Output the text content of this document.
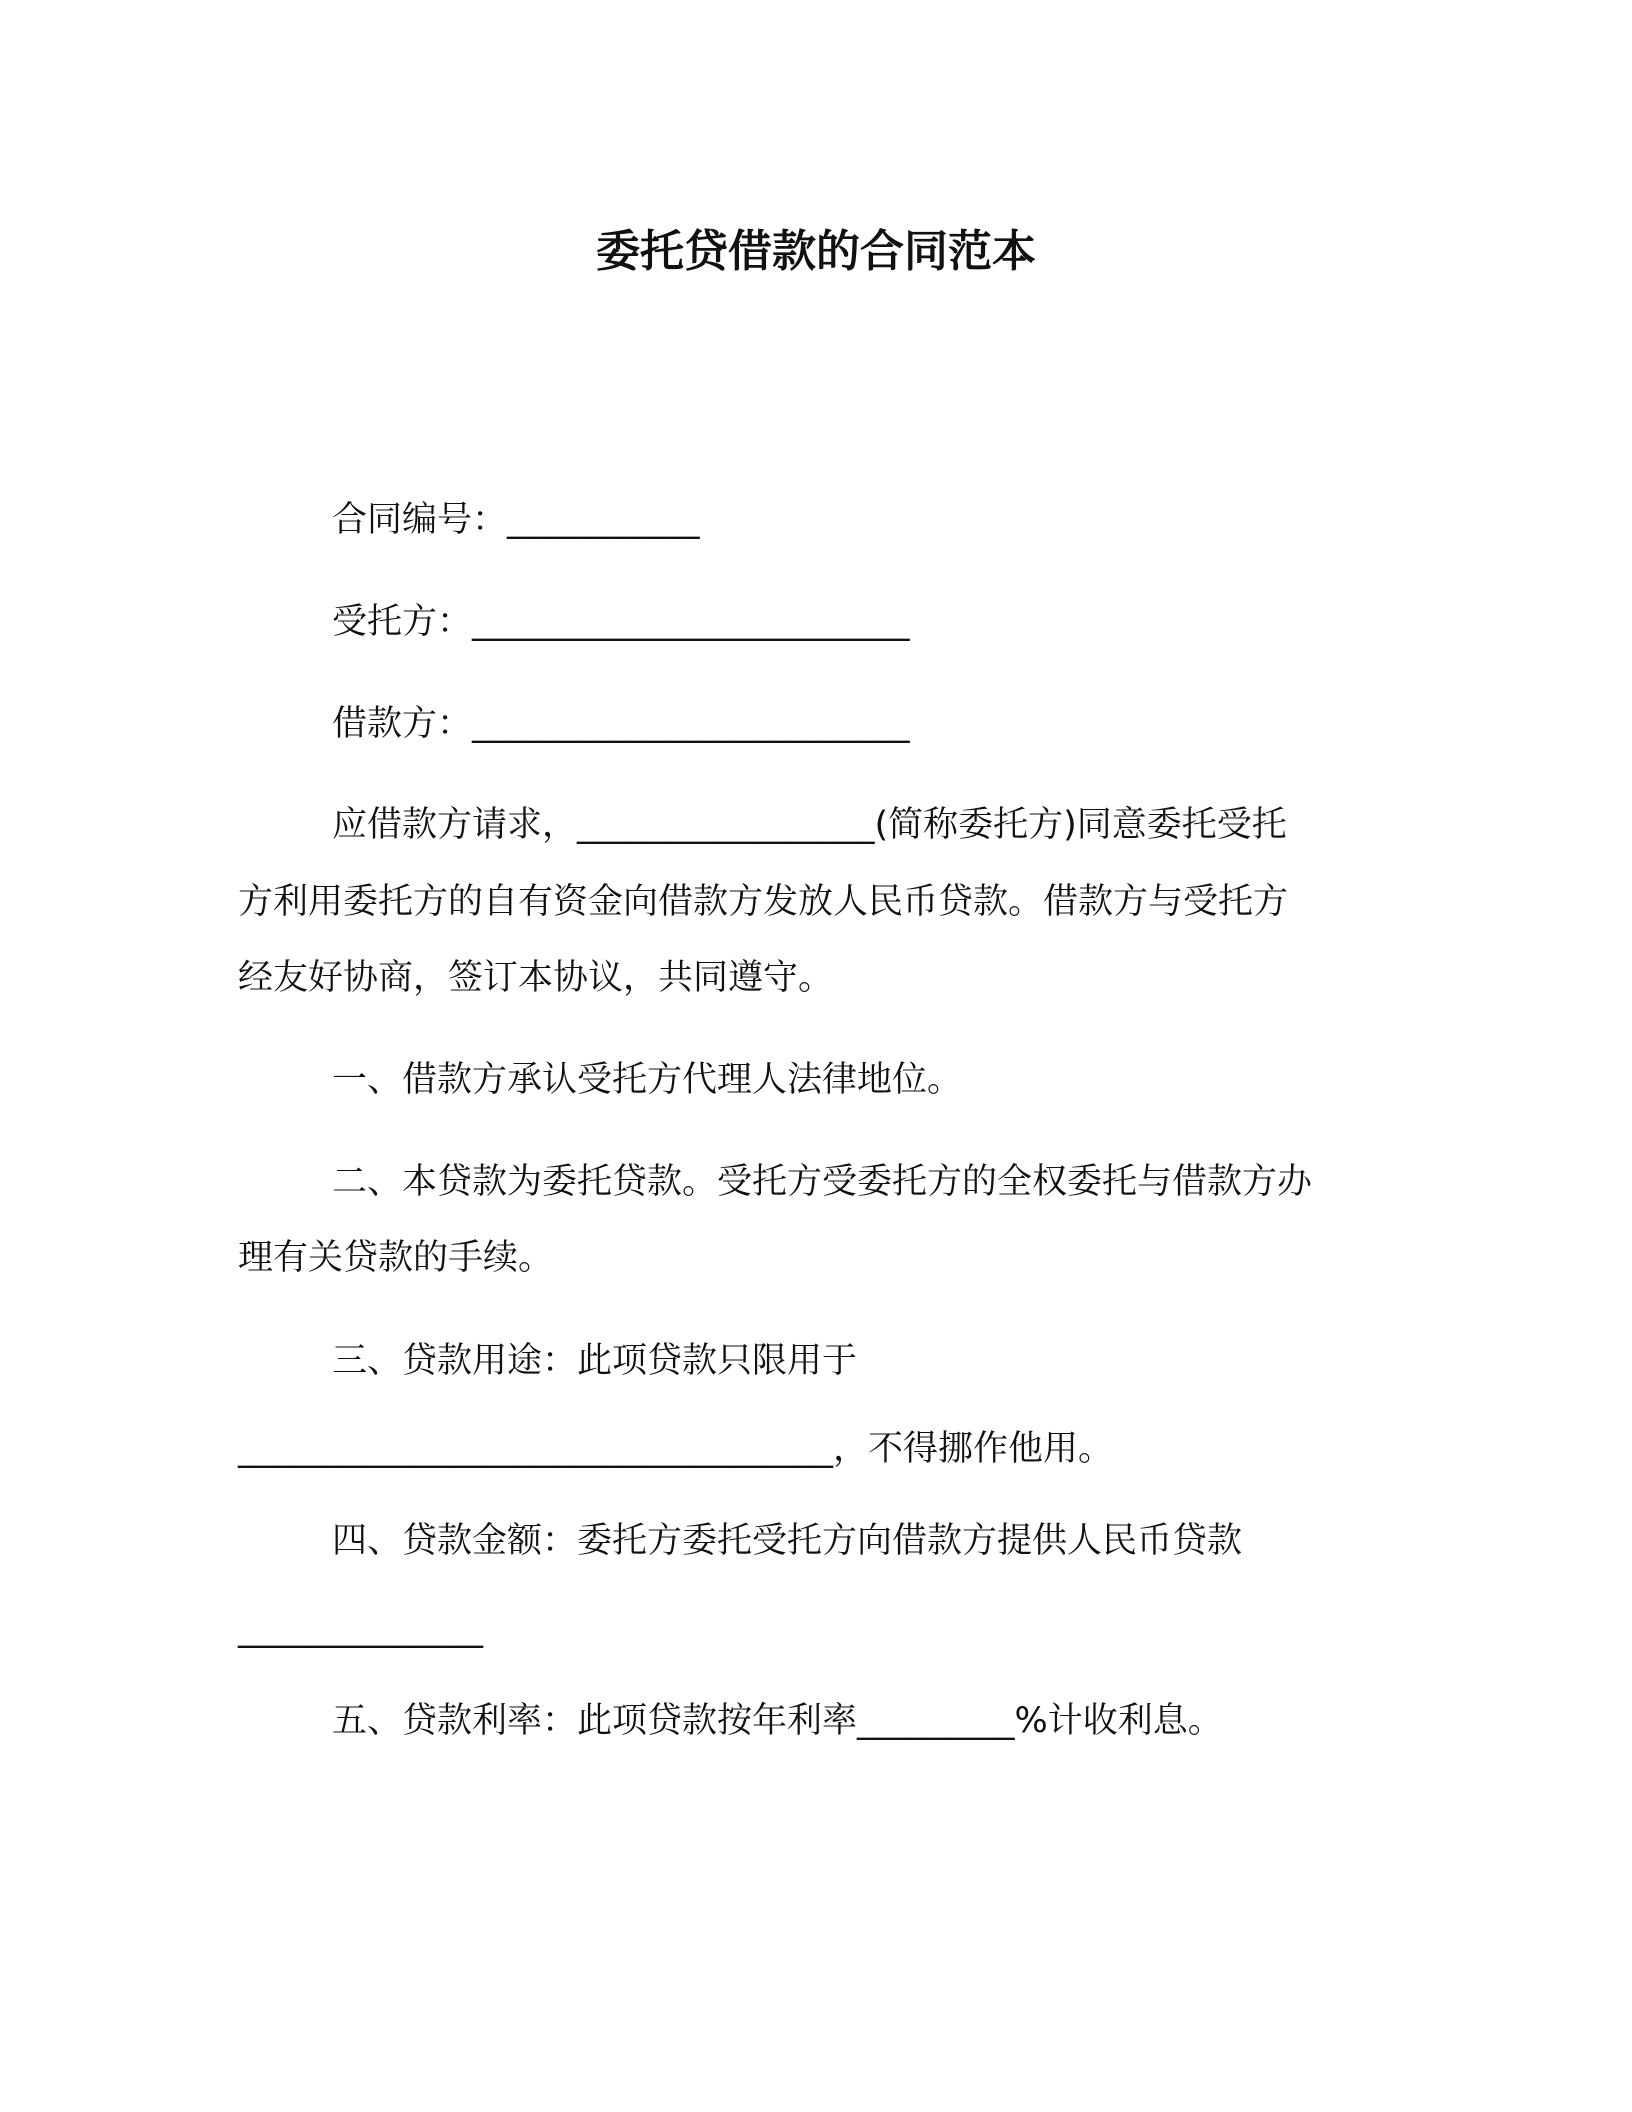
委托贷借款的合同范本
合同编号：___________
受托方：_________________________
借款方：_________________________
应借款方请求，_________________(简称委托方)同意委托受托
方利用委托方的自有资金向借款方发放人民币贷款。借款方与受托方
经友好协商，签订本协议，共同遵守。
一、借款方承认受托方代理人法律地位。
二、本贷款为委托贷款。受托方受委托方的全权委托与借款方办
理有关贷款的手续。
三、贷款用途：此项贷款只限用于
__________________________________，不得挪作他用。
四、贷款金额：委托方委托受托方向借款方提供人民币贷款
______________
五、贷款利率：此项贷款按年利率_________%计收利息。
